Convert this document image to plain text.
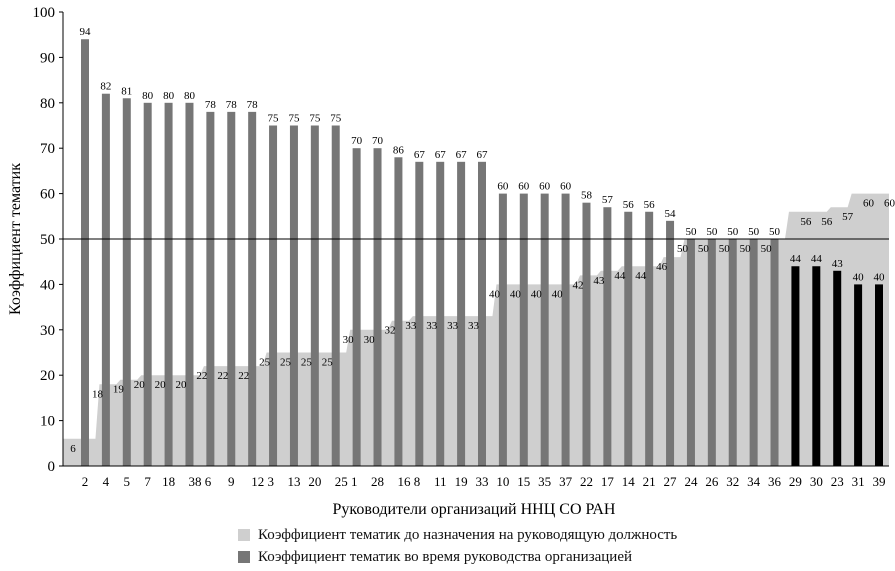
0
10
20
30
40
50
60
70
80
90
100
2 4 5 7 18 38 6 9 12 3 13 20 25 1 28 16 8 11 19 33 10 15 35 37 22 17 14 21 27 24 26 32 34 36 29 30 23 31 39
94
82 81 80 80 80
78 78 78
75 75 75 75
70 70
86 67 67 67 67
60 60 60 60
58 57 56 56
54
50 50 50 50 50
44 44 43
40 40
6
18 19 20 20 20
22 22 22
25 25 25 25
30 30
32 33 33 33 33
40 40 40 40
42 43 44 44
46
50 50 50 50 50
56 56 57
60 60
Коэффициент тематик
Руководители организаций ННЦ СО РАН
Коэффициент тематик до назначения на руководящую должность
Коэффициент тематик во время руководства организацией
